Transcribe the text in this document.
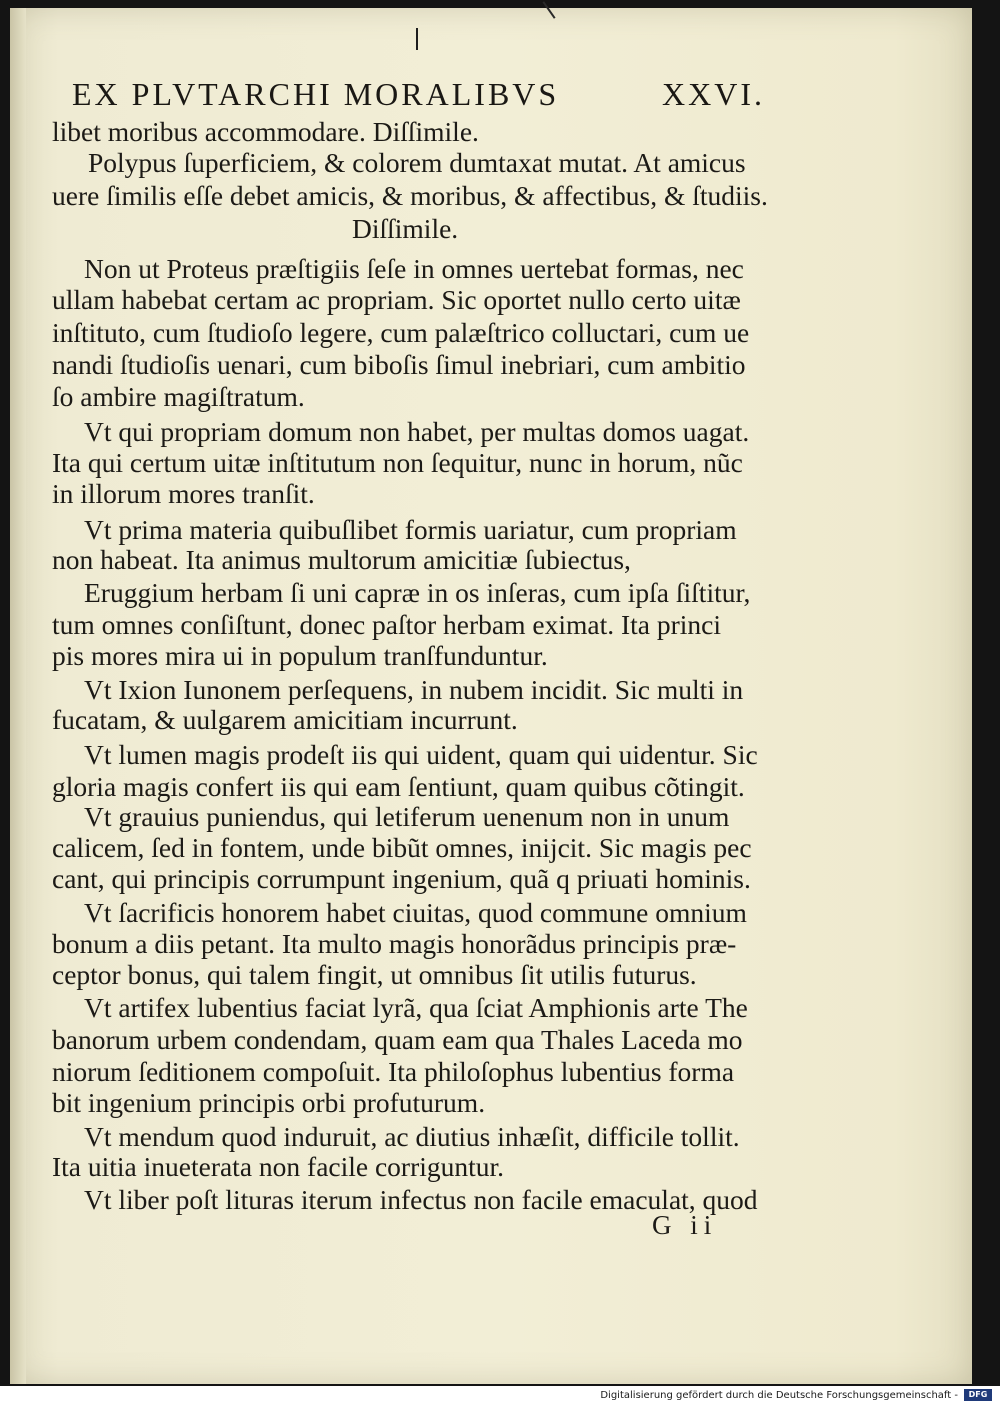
EX PLVTARCHI MORALIBVS	XXVI.
libet moribus accommodare. Diſſimile.
Polypus ſuperficiem, & colorem dumtaxat mutat. At amicus
uere ſimilis eſſe debet amicis, & moribus, & affectibus, & ſtudiis.
Diſſimile.
Non ut Proteus præſtigiis ſeſe in omnes uertebat formas, nec
ullam habebat certam ac propriam. Sic oportet nullo certo uitæ
inſtituto, cum ſtudioſo legere, cum palæſtrico colluctari, cum ue
nandi ſtudioſis uenari, cum biboſis ſimul inebriari, cum ambitio
ſo ambire magiſtratum.
Vt qui propriam domum non habet, per multas domos uagat.
Ita qui certum uitæ inſtitutum non ſequitur, nunc in horum, nũc
in illorum mores tranſit.
Vt prima materia quibuſlibet formis uariatur, cum propriam
non habeat. Ita animus multorum amicitiæ ſubiectus,
Eruggium herbam ſi uni capræ in os inſeras, cum ipſa ſiſtitur,
tum omnes conſiſtunt, donec paſtor herbam eximat. Ita princi
pis mores mira ui in populum tranſfunduntur.
Vt Ixion Iunonem perſequens, in nubem incidit. Sic multi in
fucatam, & uulgarem amicitiam incurrunt.
Vt lumen magis prodeſt iis qui uident, quam qui uidentur. Sic
gloria magis confert iis qui eam ſentiunt, quam quibus cõtingit.
Vt grauius puniendus, qui letiferum uenenum non in unum
calicem, ſed in fontem, unde bibũt omnes, inijcit. Sic magis pec
cant, qui principis corrumpunt ingenium, quã q priuati hominis.
Vt ſacrificis honorem habet ciuitas, quod commune omnium
bonum a diis petant. Ita multo magis honorãdus principis præ-
ceptor bonus, qui talem fingit, ut omnibus ſit utilis futurus.
Vt artifex lubentius faciat lyrã, qua ſciat Amphionis arte The
banorum urbem condendam, quam eam qua Thales Laceda mo
niorum ſeditionem compoſuit. Ita philoſophus lubentius forma
bit ingenium principis orbi profuturum.
Vt mendum quod induruit, ac diutius inhæſit, difficile tollit.
Ita uitia inueterata non facile corriguntur.
Vt liber poſt lituras iterum infectus non facile emaculat, quod
G ii
Digitalisierung gefördert durch die Deutsche Forschungsgemeinschaft -	DFG
